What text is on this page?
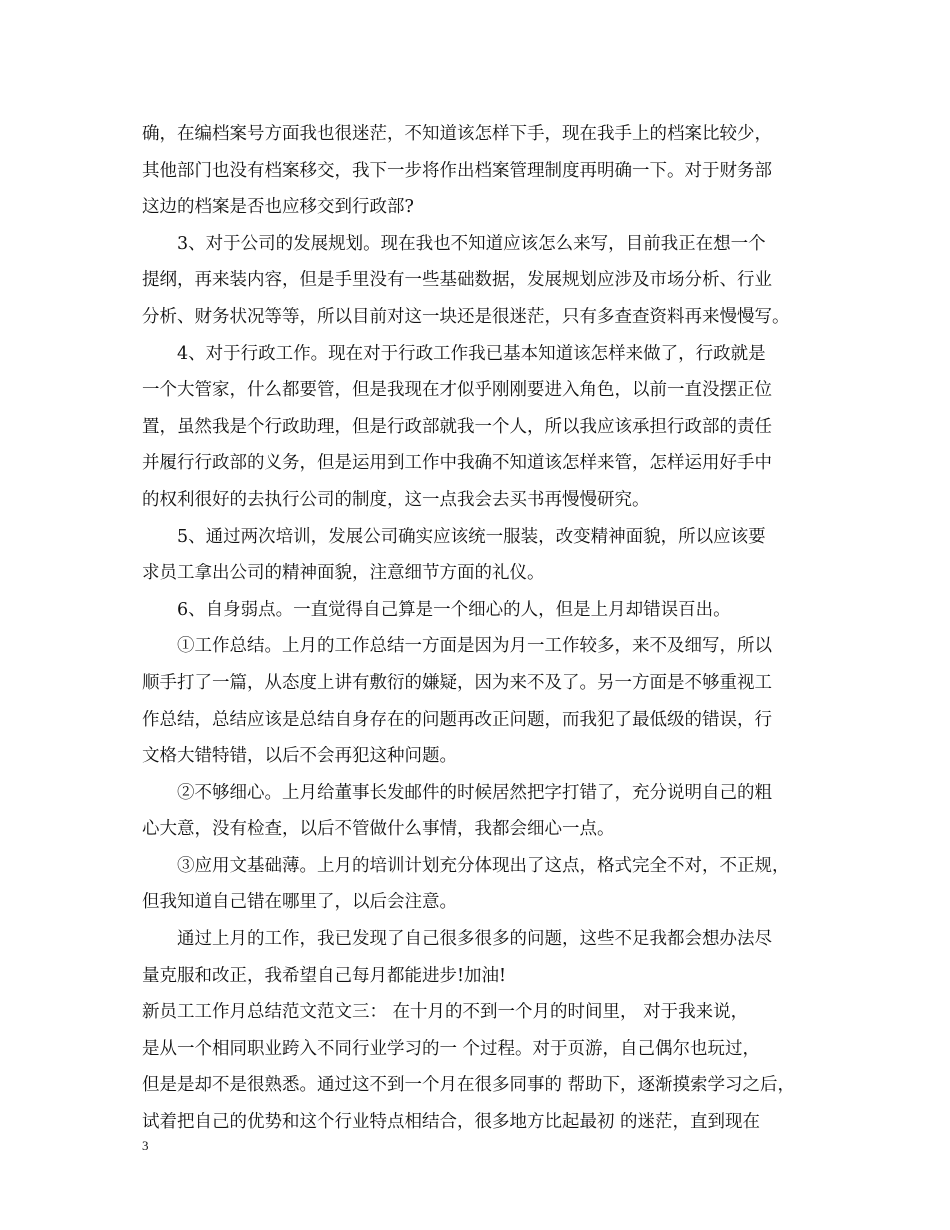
确，在编档案号方面我也很迷茫，不知道该怎样下手，现在我手上的档案比较少，
其他部门也没有档案移交，我下一步将作出档案管理制度再明确一下。对于财务部
这边的档案是否也应移交到行政部?
3、对于公司的发展规划。现在我也不知道应该怎么来写，目前我正在想一个
提纲，再来装内容，但是手里没有一些基础数据，发展规划应涉及市场分析、行业
分析、财务状况等等，所以目前对这一块还是很迷茫，只有多查查资料再来慢慢写。
4、对于行政工作。现在对于行政工作我已基本知道该怎样来做了，行政就是
一个大管家，什么都要管，但是我现在才似乎刚刚要进入角色，以前一直没摆正位
置，虽然我是个行政助理，但是行政部就我一个人，所以我应该承担行政部的责任
并履行行政部的义务，但是运用到工作中我确不知道该怎样来管，怎样运用好手中
的权利很好的去执行公司的制度，这一点我会去买书再慢慢研究。
5、通过两次培训，发展公司确实应该统一服装，改变精神面貌，所以应该要
求员工拿出公司的精神面貌，注意细节方面的礼仪。
6、自身弱点。一直觉得自己算是一个细心的人，但是上月却错误百出。
①工作总结。上月的工作总结一方面是因为月一工作较多，来不及细写，所以
顺手打了一篇，从态度上讲有敷衍的嫌疑，因为来不及了。另一方面是不够重视工
作总结，总结应该是总结自身存在的问题再改正问题，而我犯了最低级的错误，行
文格大错特错，以后不会再犯这种问题。
②不够细心。上月给董事长发邮件的时候居然把字打错了，充分说明自己的粗
心大意，没有检查，以后不管做什么事情，我都会细心一点。
③应用文基础薄。上月的培训计划充分体现出了这点，格式完全不对，不正规，
但我知道自己错在哪里了，以后会注意。
通过上月的工作，我已发现了自己很多很多的问题，这些不足我都会想办法尽
量克服和改正，我希望自己每月都能进步!加油!
新员工工作月总结范文范文三： 在十月的不到一个月的时间里， 对于我来说，
是从一个相同职业跨入不同行业学习的一 个过程。对于页游，自己偶尔也玩过，
但是是却不是很熟悉。通过这不到一个月在很多同事的 帮助下，逐渐摸索学习之后，
试着把自己的优势和这个行业特点相结合，很多地方比起最初 的迷茫，直到现在
3
